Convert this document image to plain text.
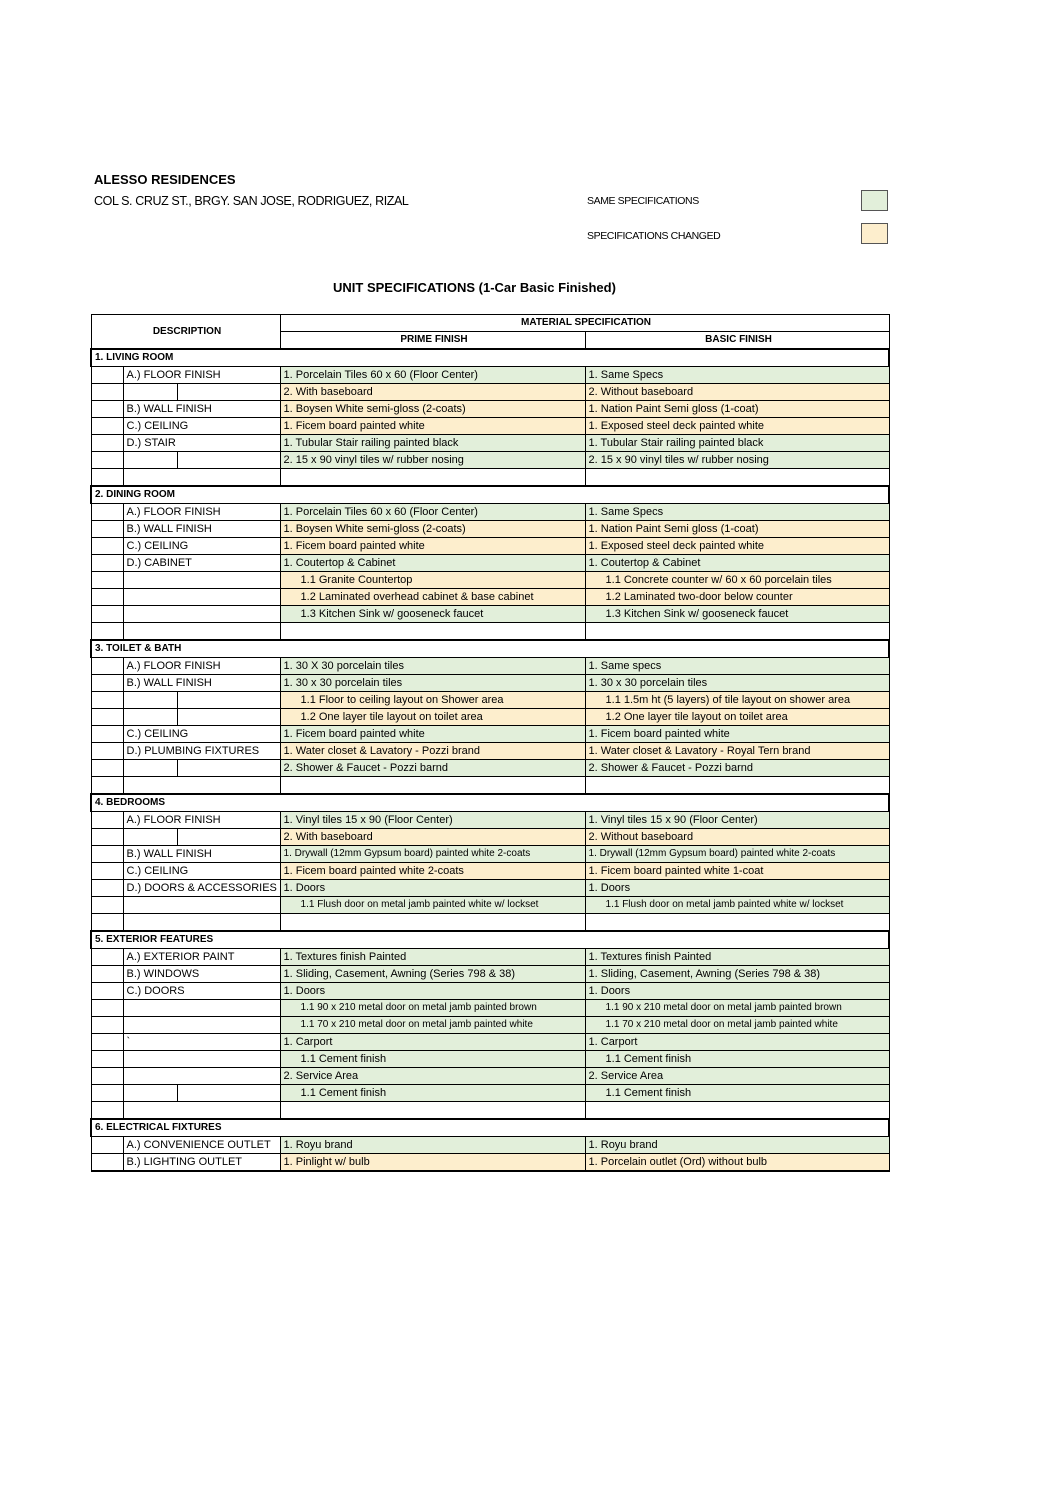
ALESSO RESIDENCES
COL S. CRUZ ST., BRGY. SAN JOSE, RODRIGUEZ, RIZAL	SAME SPECIFICATIONS
SPECIFICATIONS CHANGED
UNIT SPECIFICATIONS (1-Car Basic Finished)
DESCRIPTION			MATERIAL SPECIFICATION	
			PRIME FINISH	BASIC FINISH
1. LIVING ROOM				
	A.) FLOOR FINISH		1. Porcelain Tiles 60 x 60 (Floor Center)	1. Same Specs
			2. With baseboard	2. Without baseboard
	B.) WALL FINISH		1. Boysen White semi-gloss (2-coats)	1. Nation Paint Semi gloss (1-coat)
	C.) CEILING		1. Ficem board painted white	1. Exposed steel deck painted white
	D.) STAIR		1. Tubular Stair railing painted black	1. Tubular Stair railing painted black
			2. 15 x 90 vinyl tiles w/ rubber nosing	2. 15 x 90 vinyl tiles w/ rubber nosing

2. DINING ROOM				
	A.) FLOOR FINISH		1. Porcelain Tiles 60 x 60 (Floor Center)	1. Same Specs
	B.) WALL FINISH		1. Boysen White semi-gloss (2-coats)	1. Nation Paint Semi gloss (1-coat)
	C.) CEILING		1. Ficem board painted white	1. Exposed steel deck painted white
	D.) CABINET		1. Coutertop & Cabinet	1. Coutertop & Cabinet
			1.1 Granite Countertop	1.1 Concrete counter w/ 60 x 60 porcelain tiles
			1.2 Laminated overhead cabinet & base cabinet	1.2 Laminated two-door below counter
			1.3 Kitchen Sink w/ gooseneck faucet	1.3 Kitchen Sink w/ gooseneck faucet

3. TOILET & BATH				
	A.) FLOOR FINISH		1. 30 X 30 porcelain tiles	1. Same specs
	B.) WALL FINISH		1. 30 x 30 porcelain tiles	1. 30 x 30 porcelain tiles
			1.1 Floor to ceiling layout on Shower area	1.1 1.5m ht (5 layers) of tile layout on shower area
			1.2 One layer tile layout on toilet area	1.2 One layer tile layout on toilet area
	C.) CEILING		1. Ficem board painted white	1. Ficem board painted white
	D.) PLUMBING FIXTURES		1. Water closet & Lavatory - Pozzi brand	1. Water closet & Lavatory - Royal Tern brand
			2. Shower & Faucet - Pozzi barnd	2. Shower & Faucet - Pozzi barnd

4. BEDROOMS				
	A.) FLOOR FINISH		1. Vinyl tiles 15 x 90 (Floor Center)	1. Vinyl tiles 15 x 90 (Floor Center)
			2. With baseboard	2. Without baseboard
	B.) WALL FINISH		1. Drywall (12mm Gypsum board) painted white 2-coats	1. Drywall (12mm Gypsum board) painted white 2-coats
	C.) CEILING		1. Ficem board painted white 2-coats	1. Ficem board painted white 1-coat
	D.) DOORS & ACCESSORIES		1. Doors	1. Doors
			1.1 Flush door on metal jamb painted white w/ lockset	1.1 Flush door on metal jamb painted white w/ lockset

5. EXTERIOR FEATURES				
	A.) EXTERIOR PAINT		1. Textures finish Painted	1. Textures finish Painted
	B.) WINDOWS		1. Sliding, Casement, Awning (Series 798 & 38)	1. Sliding, Casement, Awning (Series 798 & 38)
	C.) DOORS		1. Doors	1. Doors
			1.1 90 x 210 metal door on metal jamb painted brown	1.1 90 x 210 metal door on metal jamb painted brown
			1.1 70 x 210 metal door on metal jamb painted white	1.1 70 x 210 metal door on metal jamb painted white
	`		1. Carport	1. Carport
			1.1 Cement finish	1.1 Cement finish
			2. Service Area	2. Service Area
			1.1 Cement finish	1.1 Cement finish

6. ELECTRICAL FIXTURES				
	A.) CONVENIENCE OUTLET		1. Royu brand	1. Royu brand
	B.) LIGHTING OUTLET		1. Pinlight w/ bulb	1. Porcelain outlet (Ord) without bulb
